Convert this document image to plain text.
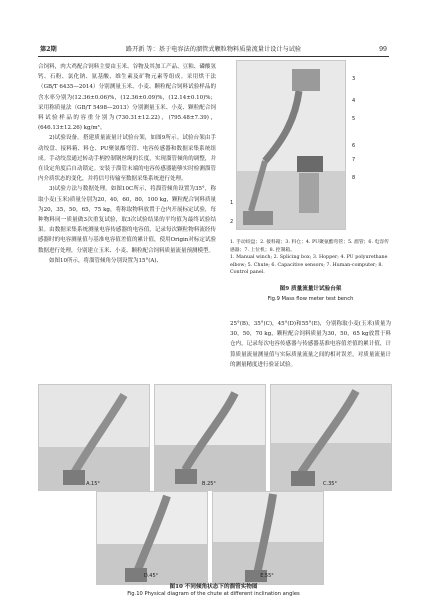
第2期	路开新 等：基于电容法的溜管式颗粒物料质量流量计设计与试验	99

合饲料，肉大鸡配合饲料主要由玉米、谷物及其加工产品、豆粕、磷酸氢钙、石粉、氯化钠、氨基酸、维生素及矿物元素等组成。采用烘干法（GB/T 6435—2014）分别测量玉米、小麦、颗粒配合饲料试验样品的含水率分别为(12.36±0.06)%，(12.36±0.09)%，(12.14±0.10)%；采用称质量法（GB/T 5498—2013）分别测量玉米、小麦、颗粒配合饲料试验样品的容重分别为(730.31±12.22)，(795.48±7.39)，(646.13±12.26) kg/m³。

2)试验设备。搭建质量流量计试验台架，如图9所示。试验台架由手动绞盘、接料箱、料仓、PU聚氨酯弯管、电容传感器和数据采集系统组成。手动绞盘通过转动手柄控制钢丝绳的长度，实现溜管倾角的调整，并在设定角度后自动锁定。安装于溜管末端的电容传感器能够实时检测溜管内介质状态的变化，并将信号传输至数据采集系统进行处理。

3)试验方法与数据处理。如图10C所示，将溜管倾角设置为35°，称取小麦(玉米)质量分别为20，40，60，80，100 kg，颗粒配合饲料质量为20，35，50，65，75 kg，将称取物料放置于仓内开展标定试验，每种物料同一质量做3次重复试验，取3次试验结果的平均值为最终试验结果。由数据采集系统测量电容传感器的电容值，记录每次颗粒物料流经传感器时的电容测量值与基准电容值差值的累计值，使用Origin对标定试验数据进行处理，分别建立玉米、小麦、颗粒配合饲料质量流量预测模型。

如图10所示，将溜管倾角分别设置为15°(A)、

3
4
5
6
7
8
1
2
1. 手动绞盘；2. 接料箱；3. 料仓；4. PU聚氨酯弯管；5. 溜管；6. 电容传感器；7. 上位机；8. 控制箱。
1. Manual winch; 2. Splicing box; 3. Hopper; 4. PU polyurethane elbow; 5. Chute; 6. Capacitive sensors; 7. Human-computer; 8. Control panel.
图9 质量流量计试验台架
Fig.9 Mass flow meter test bench

25°(B)，35°(C)，45°(D)和55°(E)，分别称取小麦(玉米)质量为30，50，70 kg，颗粒配合饲料质量为30，50，65 kg放置于料仓内，记录每次电容传感器与传感器基准电容值差值的累计值，计算质量流量测量值与实际质量流量之间的相对误差，对质量流量计的测量精度进行验证试验。

A.15°	B.25°	C.35°
D.45°	E.55°
图10 不同倾角状态下的溜管实物图
Fig.10 Physical diagram of the chute at different inclination angles
